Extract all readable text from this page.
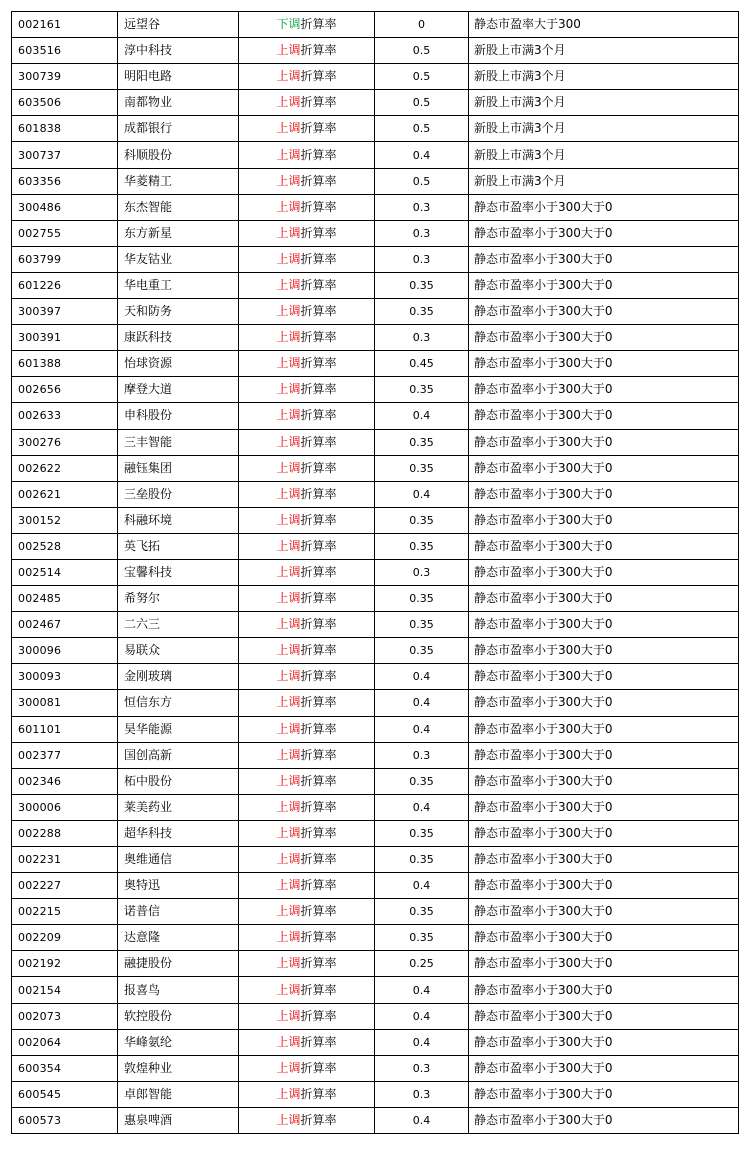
002161	远望谷	下调折算率	0	静态市盈率大于300
603516	淳中科技	上调折算率	0.5	新股上市满3个月
300739	明阳电路	上调折算率	0.5	新股上市满3个月
603506	南都物业	上调折算率	0.5	新股上市满3个月
601838	成都银行	上调折算率	0.5	新股上市满3个月
300737	科顺股份	上调折算率	0.4	新股上市满3个月
603356	华菱精工	上调折算率	0.5	新股上市满3个月
300486	东杰智能	上调折算率	0.3	静态市盈率小于300大于0
002755	东方新星	上调折算率	0.3	静态市盈率小于300大于0
603799	华友钴业	上调折算率	0.3	静态市盈率小于300大于0
601226	华电重工	上调折算率	0.35	静态市盈率小于300大于0
300397	天和防务	上调折算率	0.35	静态市盈率小于300大于0
300391	康跃科技	上调折算率	0.3	静态市盈率小于300大于0
601388	怡球资源	上调折算率	0.45	静态市盈率小于300大于0
002656	摩登大道	上调折算率	0.35	静态市盈率小于300大于0
002633	申科股份	上调折算率	0.4	静态市盈率小于300大于0
300276	三丰智能	上调折算率	0.35	静态市盈率小于300大于0
002622	融钰集团	上调折算率	0.35	静态市盈率小于300大于0
002621	三垒股份	上调折算率	0.4	静态市盈率小于300大于0
300152	科融环境	上调折算率	0.35	静态市盈率小于300大于0
002528	英飞拓	上调折算率	0.35	静态市盈率小于300大于0
002514	宝馨科技	上调折算率	0.3	静态市盈率小于300大于0
002485	希努尔	上调折算率	0.35	静态市盈率小于300大于0
002467	二六三	上调折算率	0.35	静态市盈率小于300大于0
300096	易联众	上调折算率	0.35	静态市盈率小于300大于0
300093	金刚玻璃	上调折算率	0.4	静态市盈率小于300大于0
300081	恒信东方	上调折算率	0.4	静态市盈率小于300大于0
601101	昊华能源	上调折算率	0.4	静态市盈率小于300大于0
002377	国创高新	上调折算率	0.3	静态市盈率小于300大于0
002346	柘中股份	上调折算率	0.35	静态市盈率小于300大于0
300006	莱美药业	上调折算率	0.4	静态市盈率小于300大于0
002288	超华科技	上调折算率	0.35	静态市盈率小于300大于0
002231	奥维通信	上调折算率	0.35	静态市盈率小于300大于0
002227	奥特迅	上调折算率	0.4	静态市盈率小于300大于0
002215	诺普信	上调折算率	0.35	静态市盈率小于300大于0
002209	达意隆	上调折算率	0.35	静态市盈率小于300大于0
002192	融捷股份	上调折算率	0.25	静态市盈率小于300大于0
002154	报喜鸟	上调折算率	0.4	静态市盈率小于300大于0
002073	软控股份	上调折算率	0.4	静态市盈率小于300大于0
002064	华峰氨纶	上调折算率	0.4	静态市盈率小于300大于0
600354	敦煌种业	上调折算率	0.3	静态市盈率小于300大于0
600545	卓郎智能	上调折算率	0.3	静态市盈率小于300大于0
600573	惠泉啤酒	上调折算率	0.4	静态市盈率小于300大于0
